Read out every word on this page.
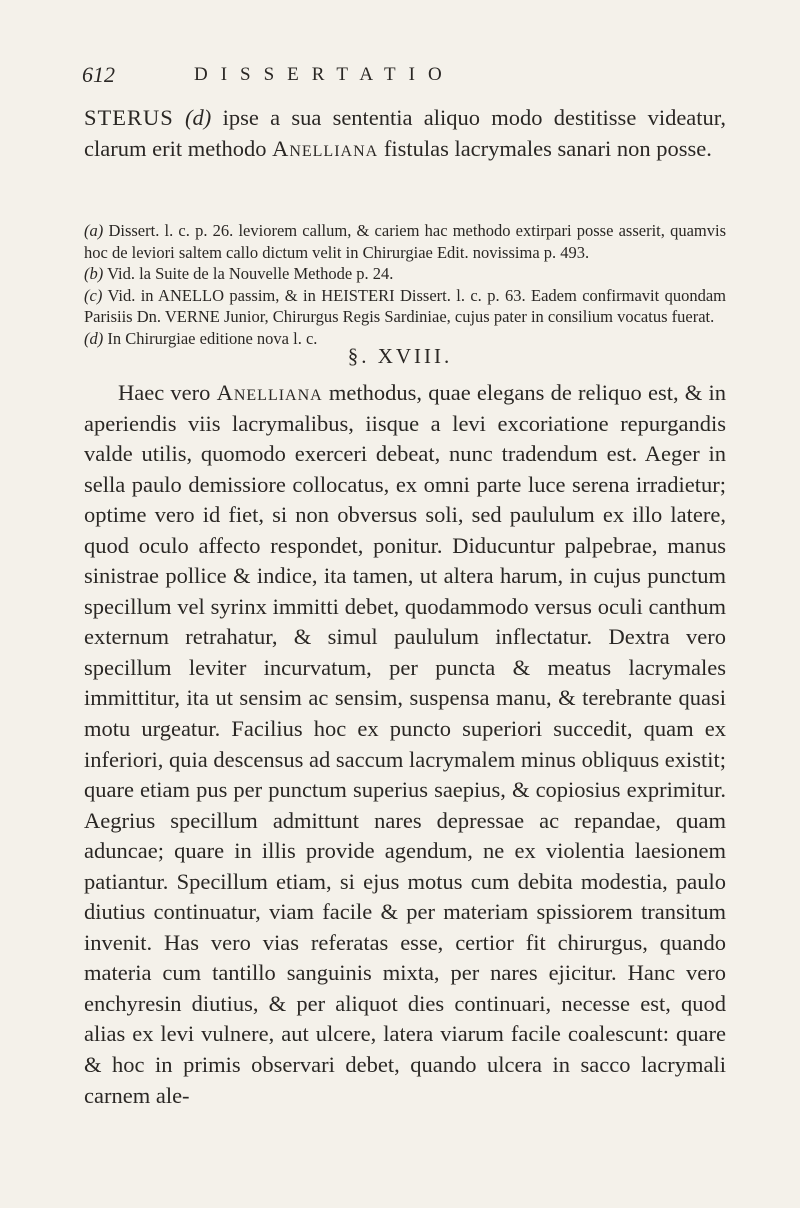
612	DISSERTATIO
STERUS (d) ipse a sua sententia aliquo modo destitisse videatur, clarum erit methodo Anelliana fistulas lacrymales sanari non posse.
(a) Dissert. l. c. p. 26. leviorem callum, & cariem hac methodo extirpari posse asserit, quamvis hoc de leviori saltem callo dictum velit in Chirurgiae Edit. novissima p. 493.
(b) Vid. la Suite de la Nouvelle Methode p. 24.
(c) Vid. in ANELLO passim, & in HEISTERI Dissert. l. c. p. 63. Eadem confirmavit quondam Parisiis Dn. VERNE Junior, Chirurgus Regis Sardiniae, cujus pater in consilium vocatus fuerat.
(d) In Chirurgiae editione nova l. c.
§. XVIII.
Haec vero Anelliana methodus, quae elegans de reliquo est, & in aperiendis viis lacrymalibus, iisque a levi excoriatione repurgandis valde utilis, quomodo exerceri debeat, nunc tradendum est. Aeger in sella paulo demissiore collocatus, ex omni parte luce serena irradietur; optime vero id fiet, si non obversus soli, sed paululum ex illo latere, quod oculo affecto respondet, ponitur. Diducuntur palpebrae, manus sinistrae pollice & indice, ita tamen, ut altera harum, in cujus punctum specillum vel syrinx immitti debet, quodammodo versus oculi canthum externum retrahatur, & simul paululum inflectatur. Dextra vero specillum leviter incurvatum, per puncta & meatus lacrymales immittitur, ita ut sensim ac sensim, suspensa manu, & terebrante quasi motu urgeatur. Facilius hoc ex puncto superiori succedit, quam ex inferiori, quia descensus ad saccum lacrymalem minus obliquus existit; quare etiam pus per punctum superius saepius, & copiosius exprimitur. Aegrius specillum admittunt nares depressae ac repandae, quam aduncae; quare in illis provide agendum, ne ex violentia laesionem patiantur. Specillum etiam, si ejus motus cum debita modestia, paulo diutius continuatur, viam facile & per materiam spissiorem transitum invenit. Has vero vias referatas esse, certior fit chirurgus, quando materia cum tantillo sanguinis mixta, per nares ejicitur. Hanc vero enchyresin diutius, & per aliquot dies continuari, necesse est, quod alias ex levi vulnere, aut ulcere, latera viarum facile coalescunt: quare & hoc in primis observari debet, quando ulcera in sacco lacrymali carnem ale-
